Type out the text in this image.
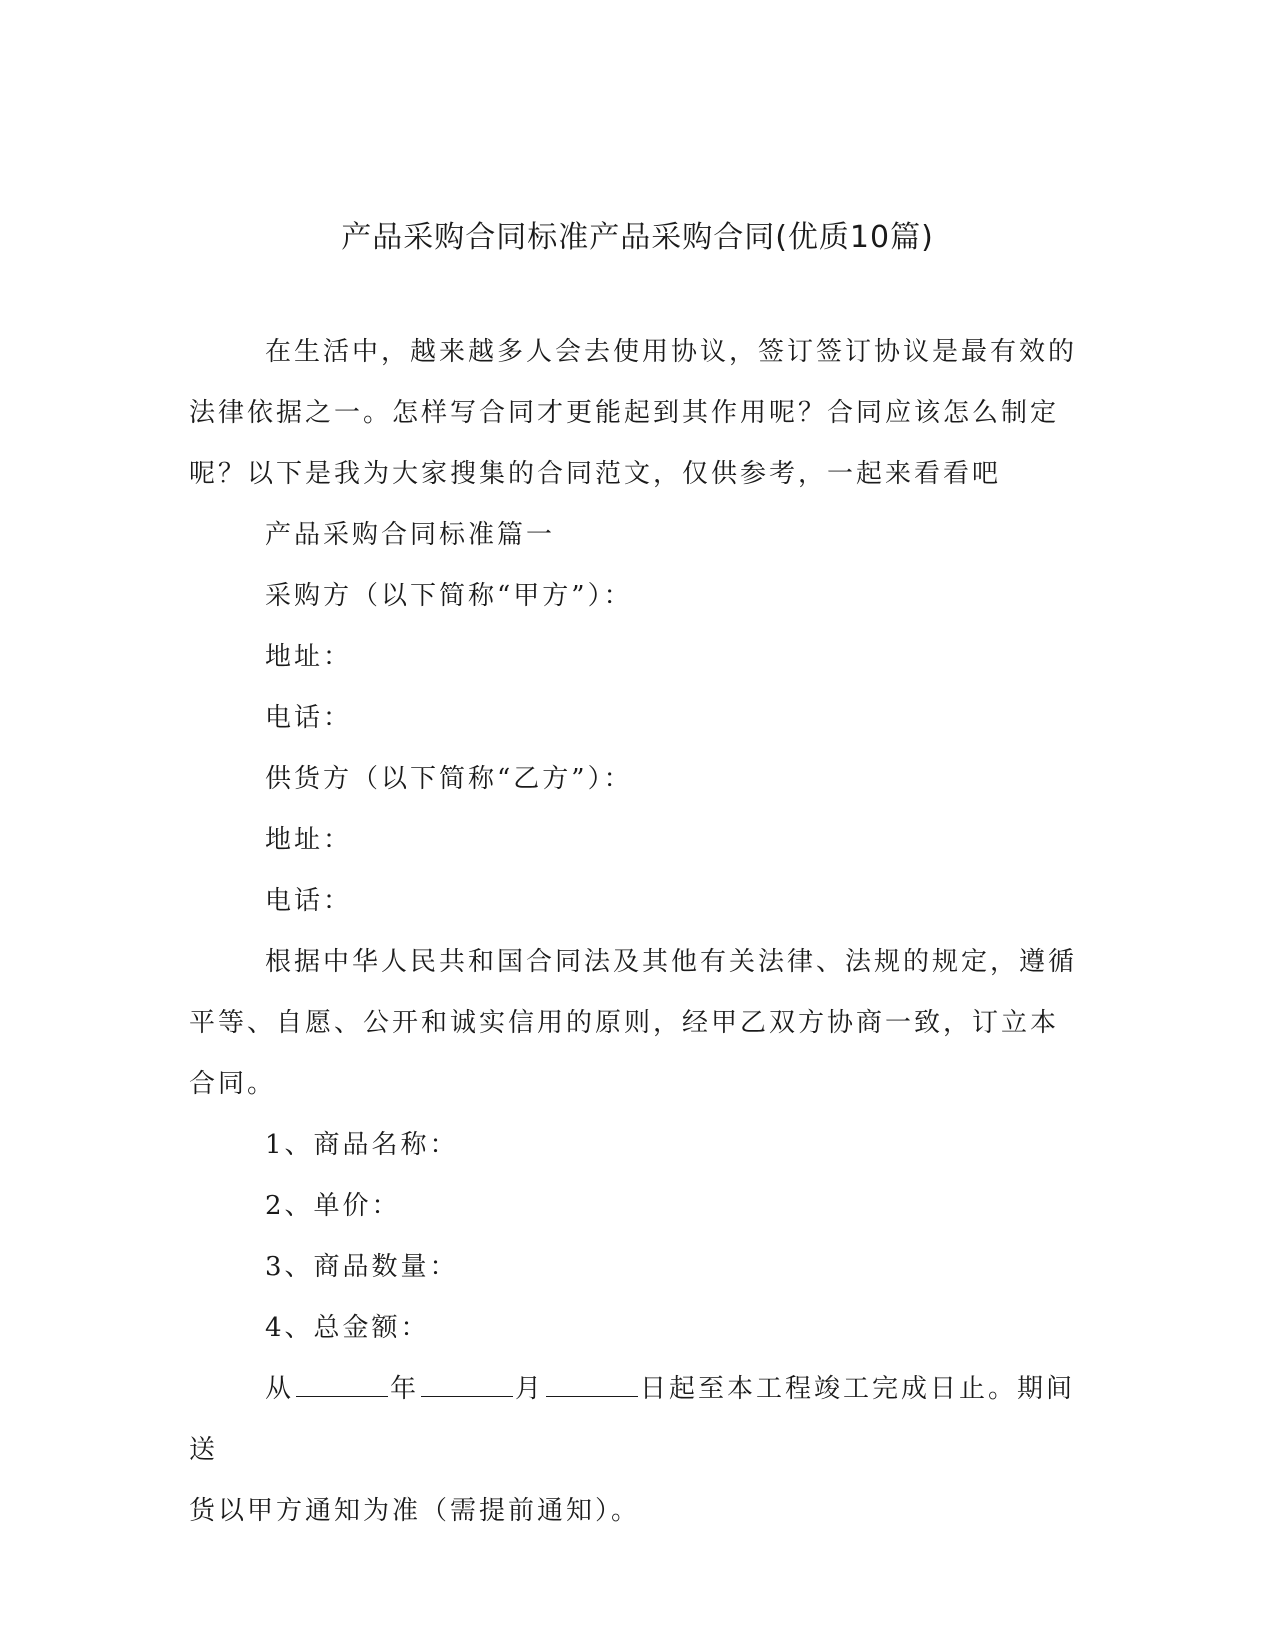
产品采购合同标准产品采购合同(优质10篇)

在生活中，越来越多人会去使用协议，签订签订协议是最有效的法律依据之一。怎样写合同才更能起到其作用呢？合同应该怎么制定呢？以下是我为大家搜集的合同范文，仅供参考，一起来看看吧

产品采购合同标准篇一

采购方（以下简称“甲方”）：

地址：

电话：

供货方（以下简称“乙方”）：

地址：

电话：

根据中华人民共和国合同法及其他有关法律、法规的规定，遵循平等、自愿、公开和诚实信用的原则，经甲乙双方协商一致，订立本合同。

1、商品名称：

2、单价：

3、商品数量：

4、总金额：

从	年	月	日起至本工程竣工完成日止。期间送

货以甲方通知为准（需提前通知）。
